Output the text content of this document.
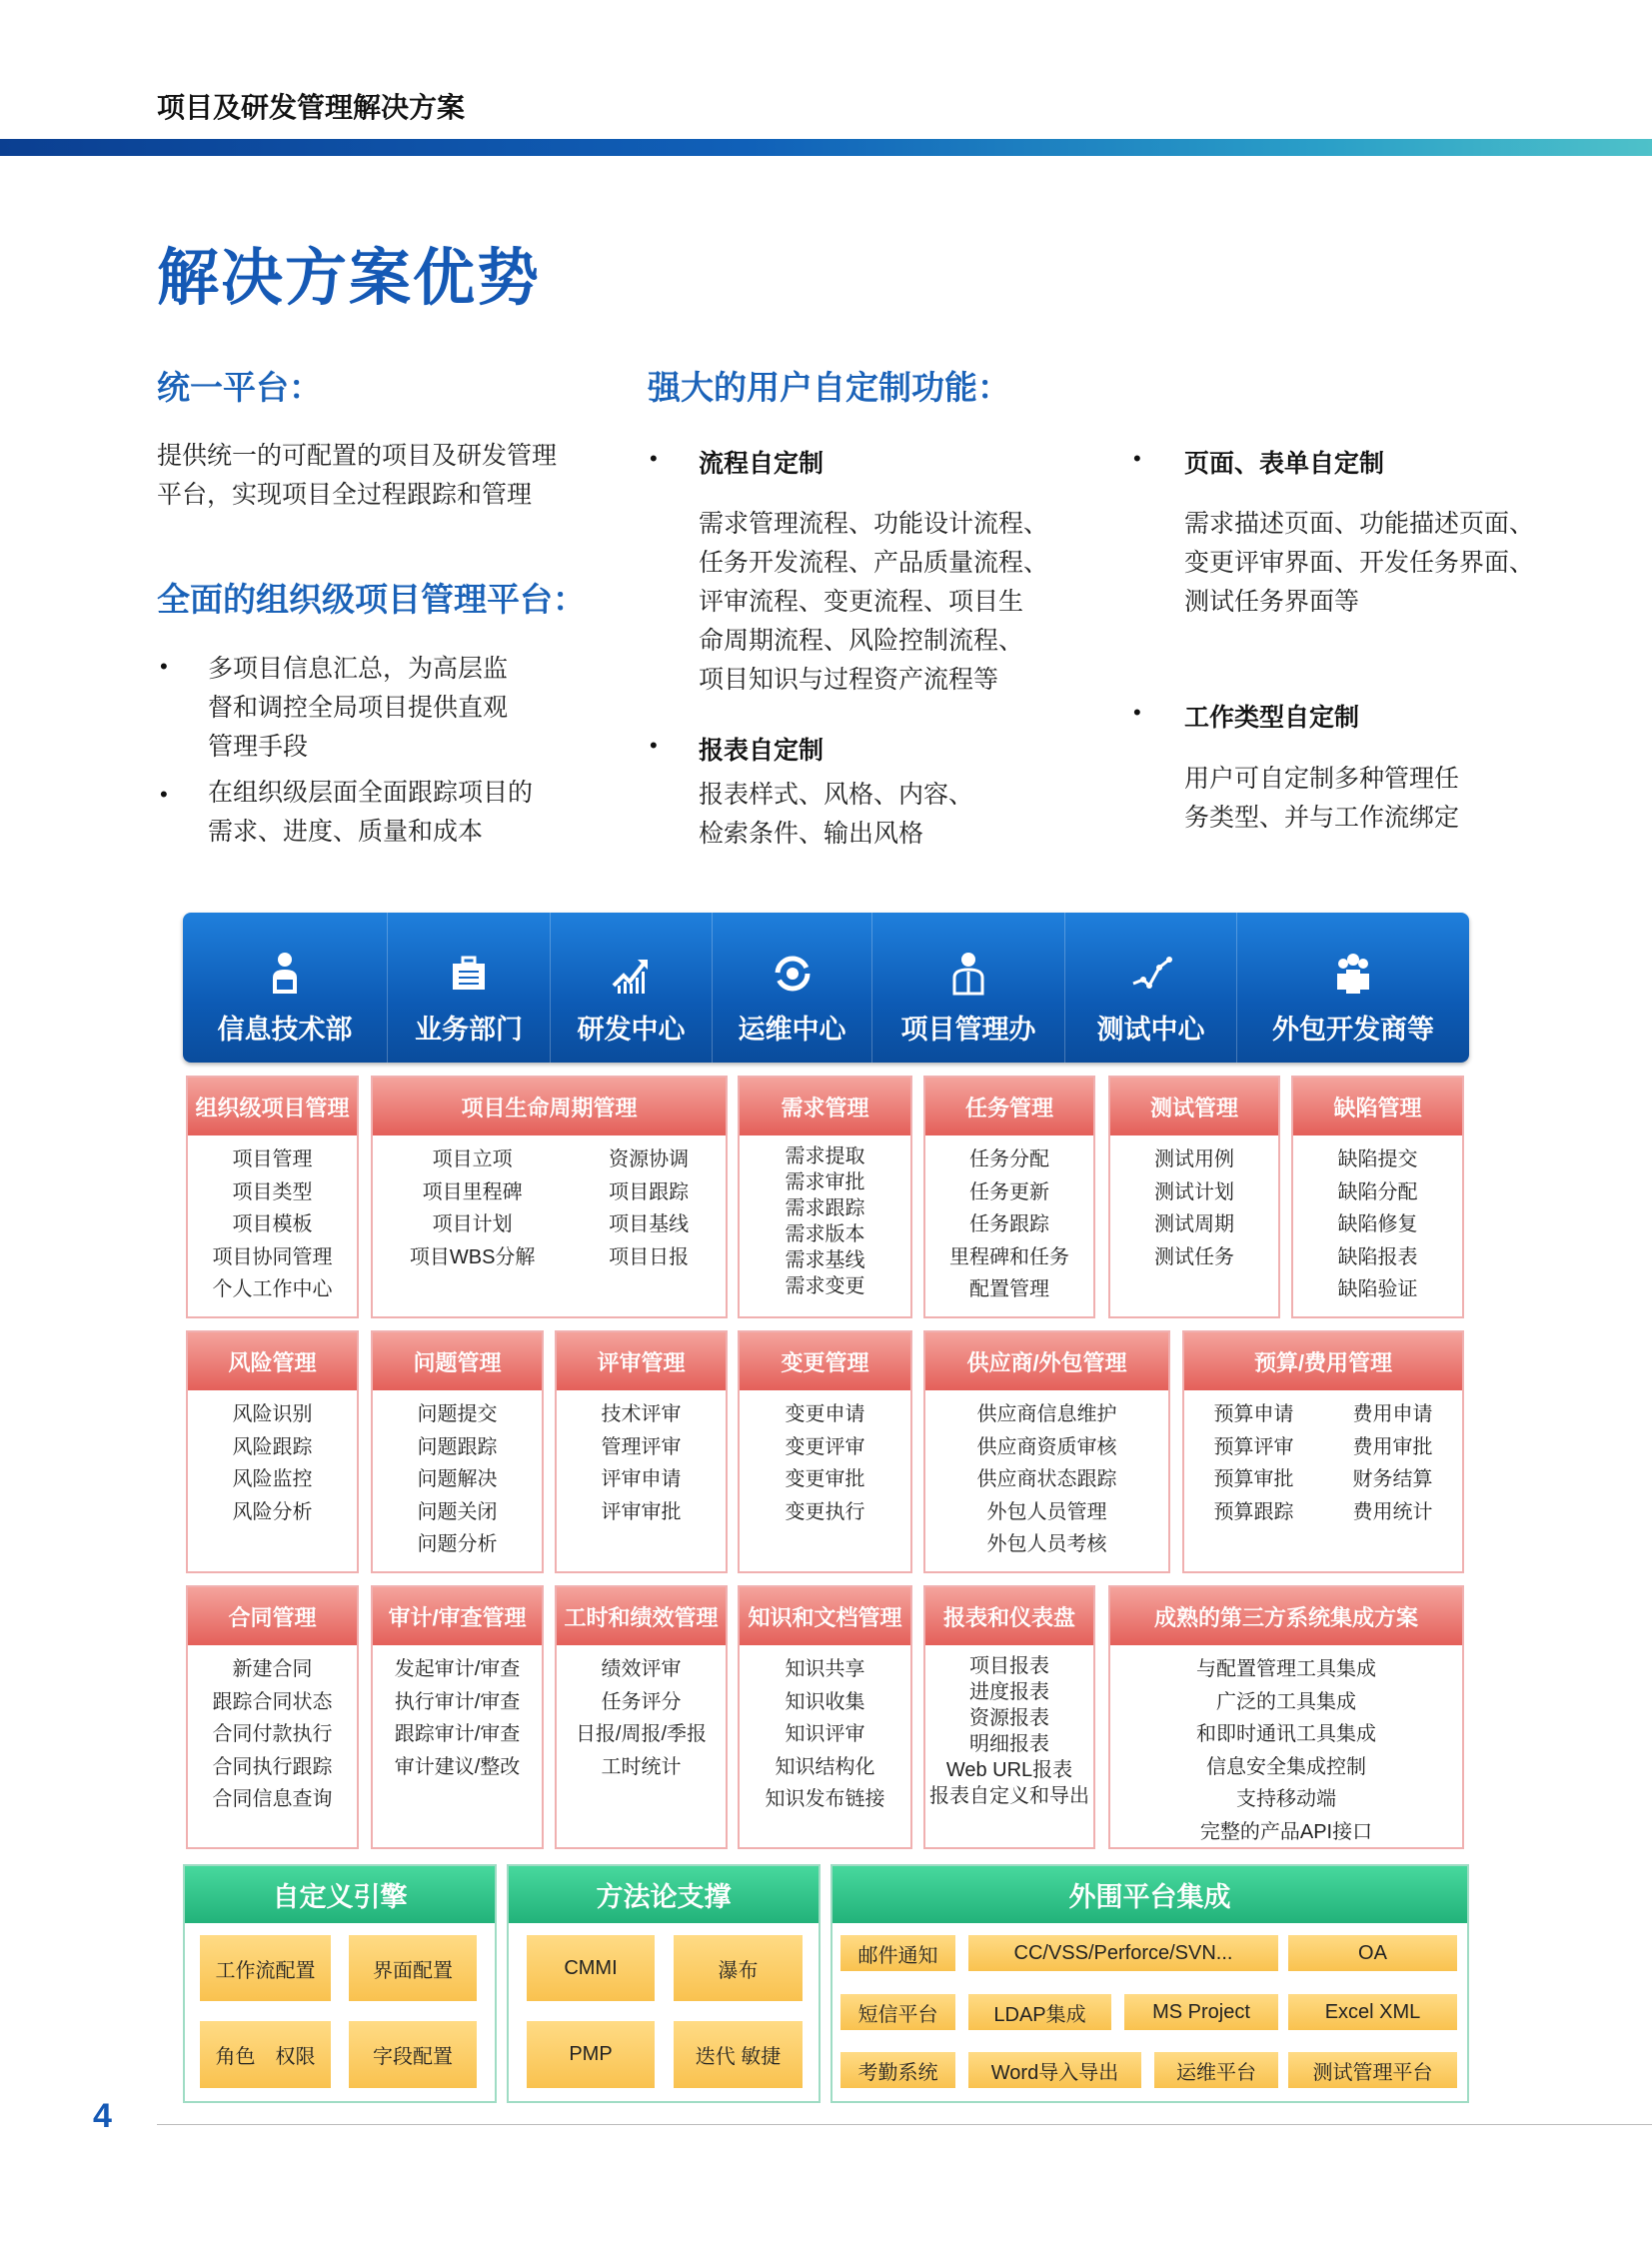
项目及研发管理解决方案
解决方案优势
统一平台：
提供统一的可配置的项目及研发管理
平台，实现项目全过程跟踪和管理
全面的组织级项目管理平台：
• 多项目信息汇总，为高层监
督和调控全局项目提供直观
管理手段
• 在组织级层面全面跟踪项目的
需求、进度、质量和成本
强大的用户自定制功能：
• 流程自定制
需求管理流程、功能设计流程、
任务开发流程、产品质量流程、
评审流程、变更流程、项目生
命周期流程、风险控制流程、
项目知识与过程资产流程等
• 报表自定制
报表样式、风格、内容、
检索条件、输出风格
• 页面、表单自定制
需求描述页面、功能描述页面、
变更评审界面、开发任务界面、
测试任务界面等
• 工作类型自定制
用户可自定制多种管理任
务类型、并与工作流绑定
信息技术部 业务部门 研发中心 运维中心 项目管理办 测试中心	外包开发商等
组织级项目管理
项目管理
项目类型
项目模板
项目协同管理
个人工作中心
项目生命周期管理
项目立项
项目里程碑
项目计划
项目WBS分解
资源协调
项目跟踪
项目基线
项目日报
需求管理
需求提取
需求审批
需求跟踪
需求版本
需求基线
需求变更
任务管理
任务分配
任务更新
任务跟踪
里程碑和任务
配置管理
测试管理
测试用例
测试计划
测试周期
测试任务
缺陷管理
缺陷提交
缺陷分配
缺陷修复
缺陷报表
缺陷验证
风险管理
风险识别
风险跟踪
风险监控
风险分析
问题管理
问题提交
问题跟踪
问题解决
问题关闭
问题分析
评审管理
技术评审
管理评审
评审申请
评审审批
变更管理
变更申请
变更评审
变更审批
变更执行
供应商/外包管理
供应商信息维护
供应商资质审核
供应商状态跟踪
外包人员管理
外包人员考核
预算/费用管理
预算申请
预算评审
预算审批
预算跟踪
费用申请
费用审批
财务结算
费用统计
合同管理
新建合同
跟踪合同状态
合同付款执行
合同执行跟踪
合同信息查询
审计/审查管理
发起审计/审查
执行审计/审查
跟踪审计/审查
审计建议/整改
工时和绩效管理
绩效评审
任务评分
日报/周报/季报
工时统计
知识和文档管理
知识共享
知识收集
知识评审
知识结构化
知识发布链接
报表和仪表盘
项目报表
进度报表
资源报表
明细报表
Web URL报表
报表自定义和导出
成熟的第三方系统集成方案
与配置管理工具集成
广泛的工具集成
和即时通讯工具集成
信息安全集成控制
支持移动端
完整的产品API接口
自定义引擎
工作流配置	界面配置
角色　权限	字段配置
方法论支撑
CMMI	瀑布
PMP	迭代 敏捷
外围平台集成
邮件通知	CC/VSS/Perforce/SVN...	OA
短信平台	LDAP集成	MS Project	Excel XML
考勤系统	Word导入导出	运维平台	测试管理平台
4
